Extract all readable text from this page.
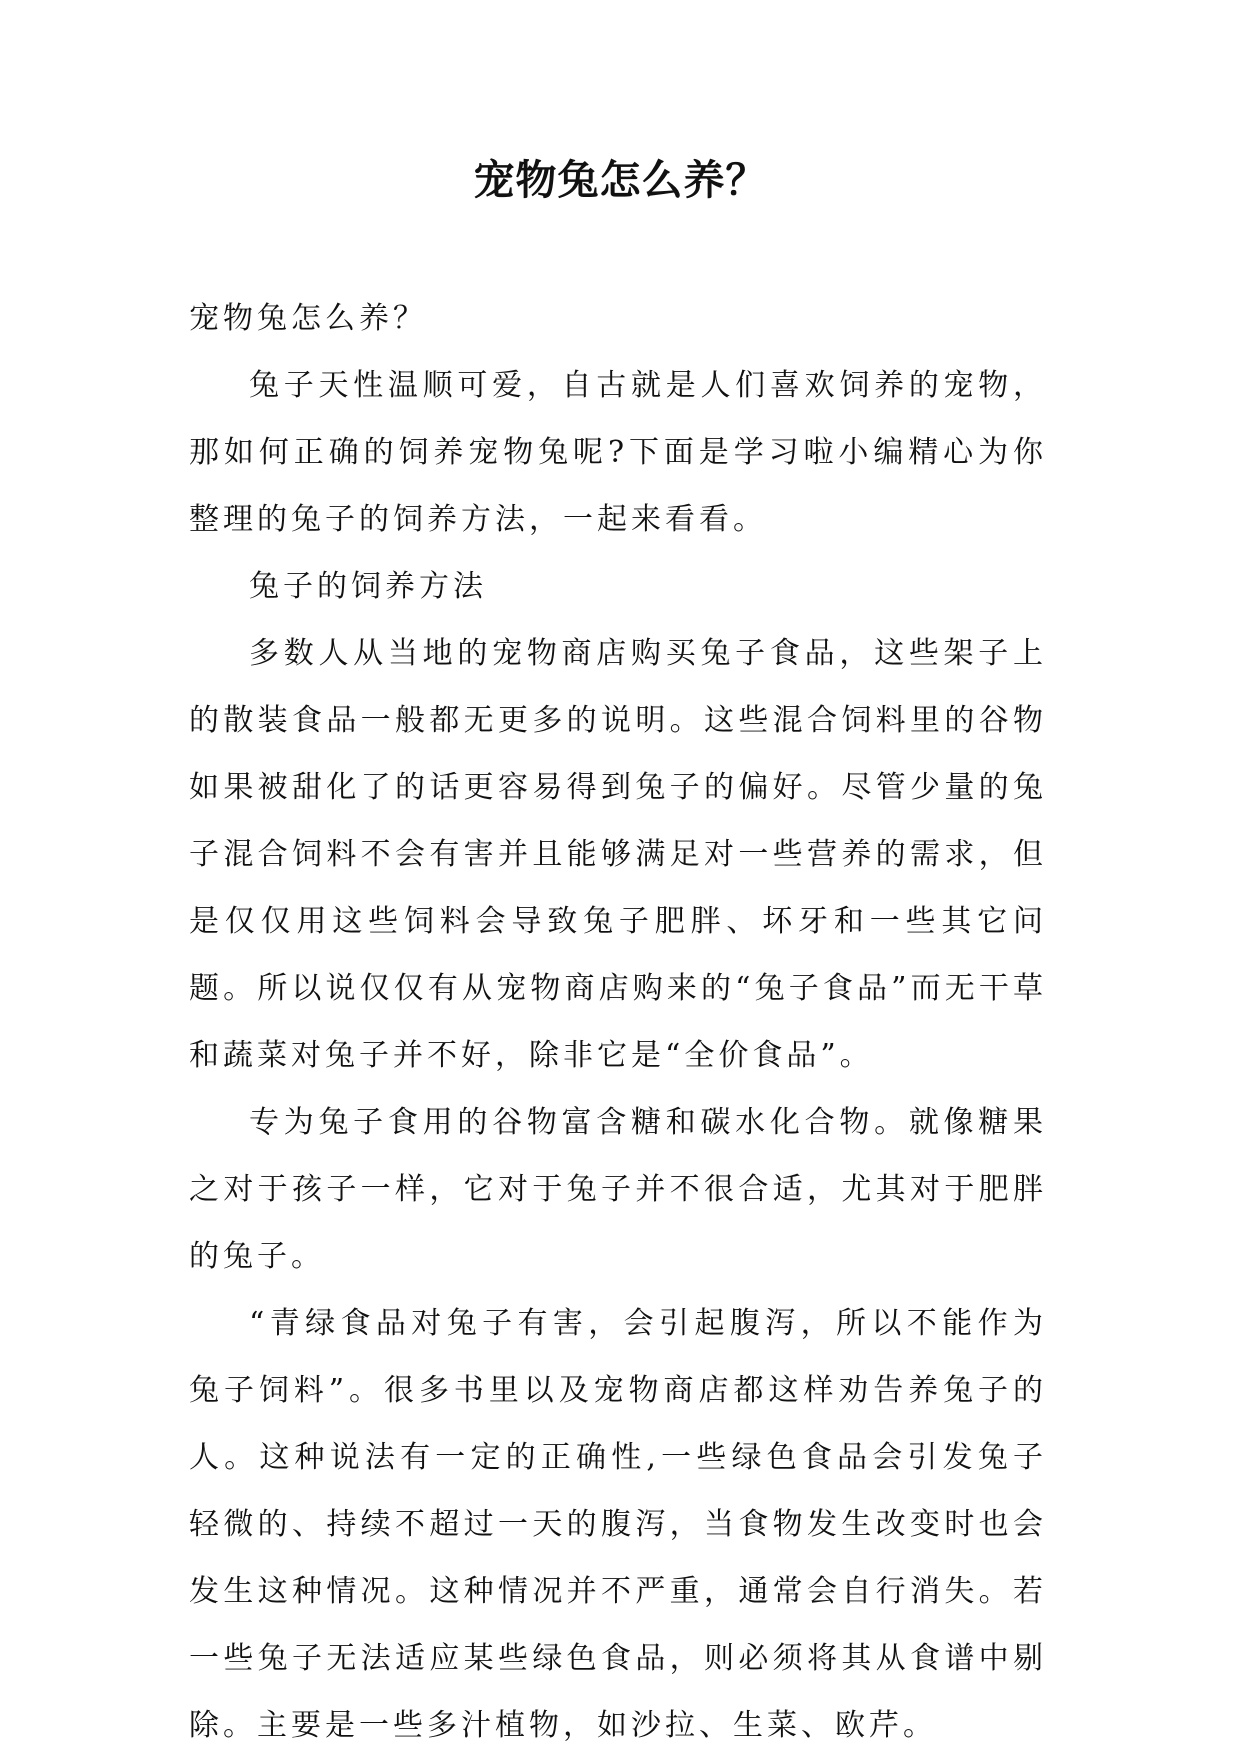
宠物兔怎么养？

宠物兔怎么养？

兔子天性温顺可爱，自古就是人们喜欢饲养的宠物，那如何正确的饲养宠物兔呢?下面是学习啦小编精心为你整理的兔子的饲养方法，一起来看看。

兔子的饲养方法

多数人从当地的宠物商店购买兔子食品，这些架子上的散装食品一般都无更多的说明。这些混合饲料里的谷物如果被甜化了的话更容易得到兔子的偏好。尽管少量的兔子混合饲料不会有害并且能够满足对一些营养的需求，但是仅仅用这些饲料会导致兔子肥胖、坏牙和一些其它问题。所以说仅仅有从宠物商店购来的“兔子食品”而无干草和蔬菜对兔子并不好，除非它是“全价食品”。

专为兔子食用的谷物富含糖和碳水化合物。就像糖果之对于孩子一样，它对于兔子并不很合适，尤其对于肥胖的兔子。

“青绿食品对兔子有害，会引起腹泻，所以不能作为兔子饲料”。很多书里以及宠物商店都这样劝告养兔子的人。这种说法有一定的正确性,一些绿色食品会引发兔子轻微的、持续不超过一天的腹泻，当食物发生改变时也会发生这种情况。这种情况并不严重，通常会自行消失。若一些兔子无法适应某些绿色食品，则必须将其从食谱中剔除。主要是一些多汁植物，如沙拉、生菜、欧芹。
